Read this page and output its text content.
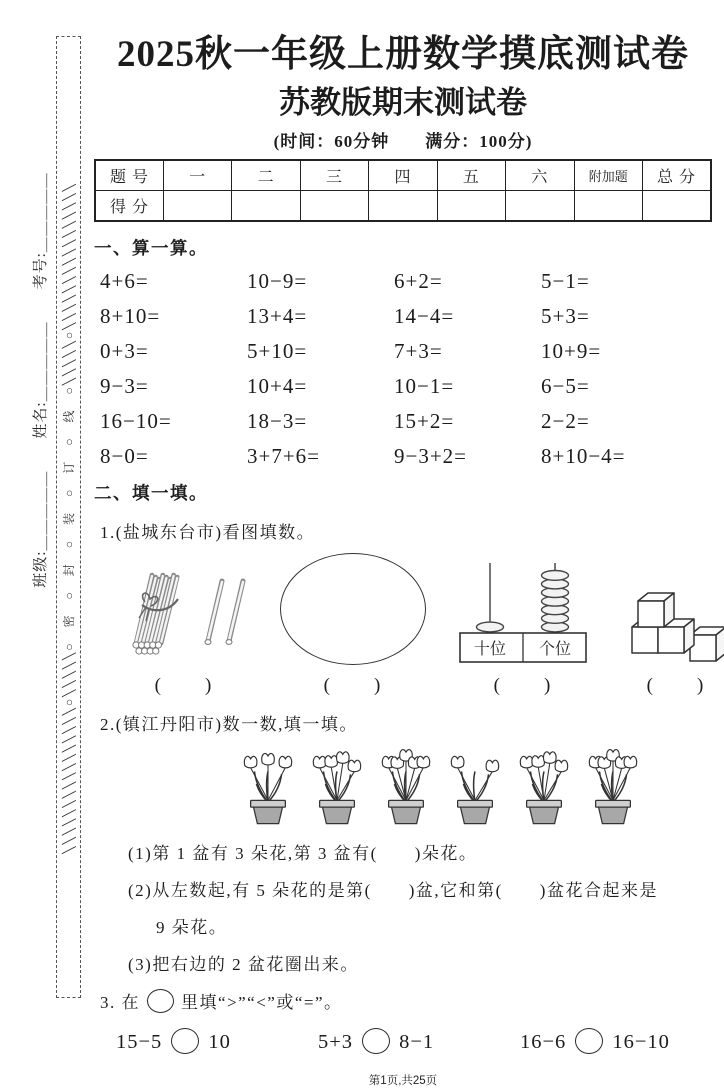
╲╲╲╲╲╲╲╲╲╲╲╲╲╲╲╲○╲╲╲╲╲○　密　○　封　○　装　○　订　○　线　○╲╲╲╲╲○╲╲╲╲╲╲╲╲╲╲╲╲╲╲╲╲
班级:＿＿＿＿＿　　姓名:＿＿＿＿＿　　考号:＿＿＿＿＿
2025秋一年级上册数学摸底测试卷
苏教版期末测试卷
(时间：60分钟　　满分：100分)
题 号	一	二	三	四	五	六	附加题	总 分
得 分								
一、算一算。
4+6=	10−9=	6+2=	5−1=
8+10=	13+4=	14−4=	5+3=
0+3=	5+10=	7+3=	10+9=
9−3=	10+4=	10−1=	6−5=
16−10=	18−3=	15+2=	2−2=
8−0=	3+7+6=	9−3+2=	8+10−4=
二、填一填。
1.(盐城东台市)看图填数。
(　　)	(　　)
十位 个位
(　　)	(　　)
2.(镇江丹阳市)数一数,填一填。
(1)第 1 盆有 3 朵花,第 3 盆有(　　)朵花。
(2)从左数起,有 5 朵花的是第(　　)盆,它和第(　　)盆花合起来是
9 朵花。
(3)把右边的 2 盆花圈出来。
3. 在 里填“>”“<”或“=”。
15−5 10	5+3 8−1	16−6 16−10
第1页,共25页
